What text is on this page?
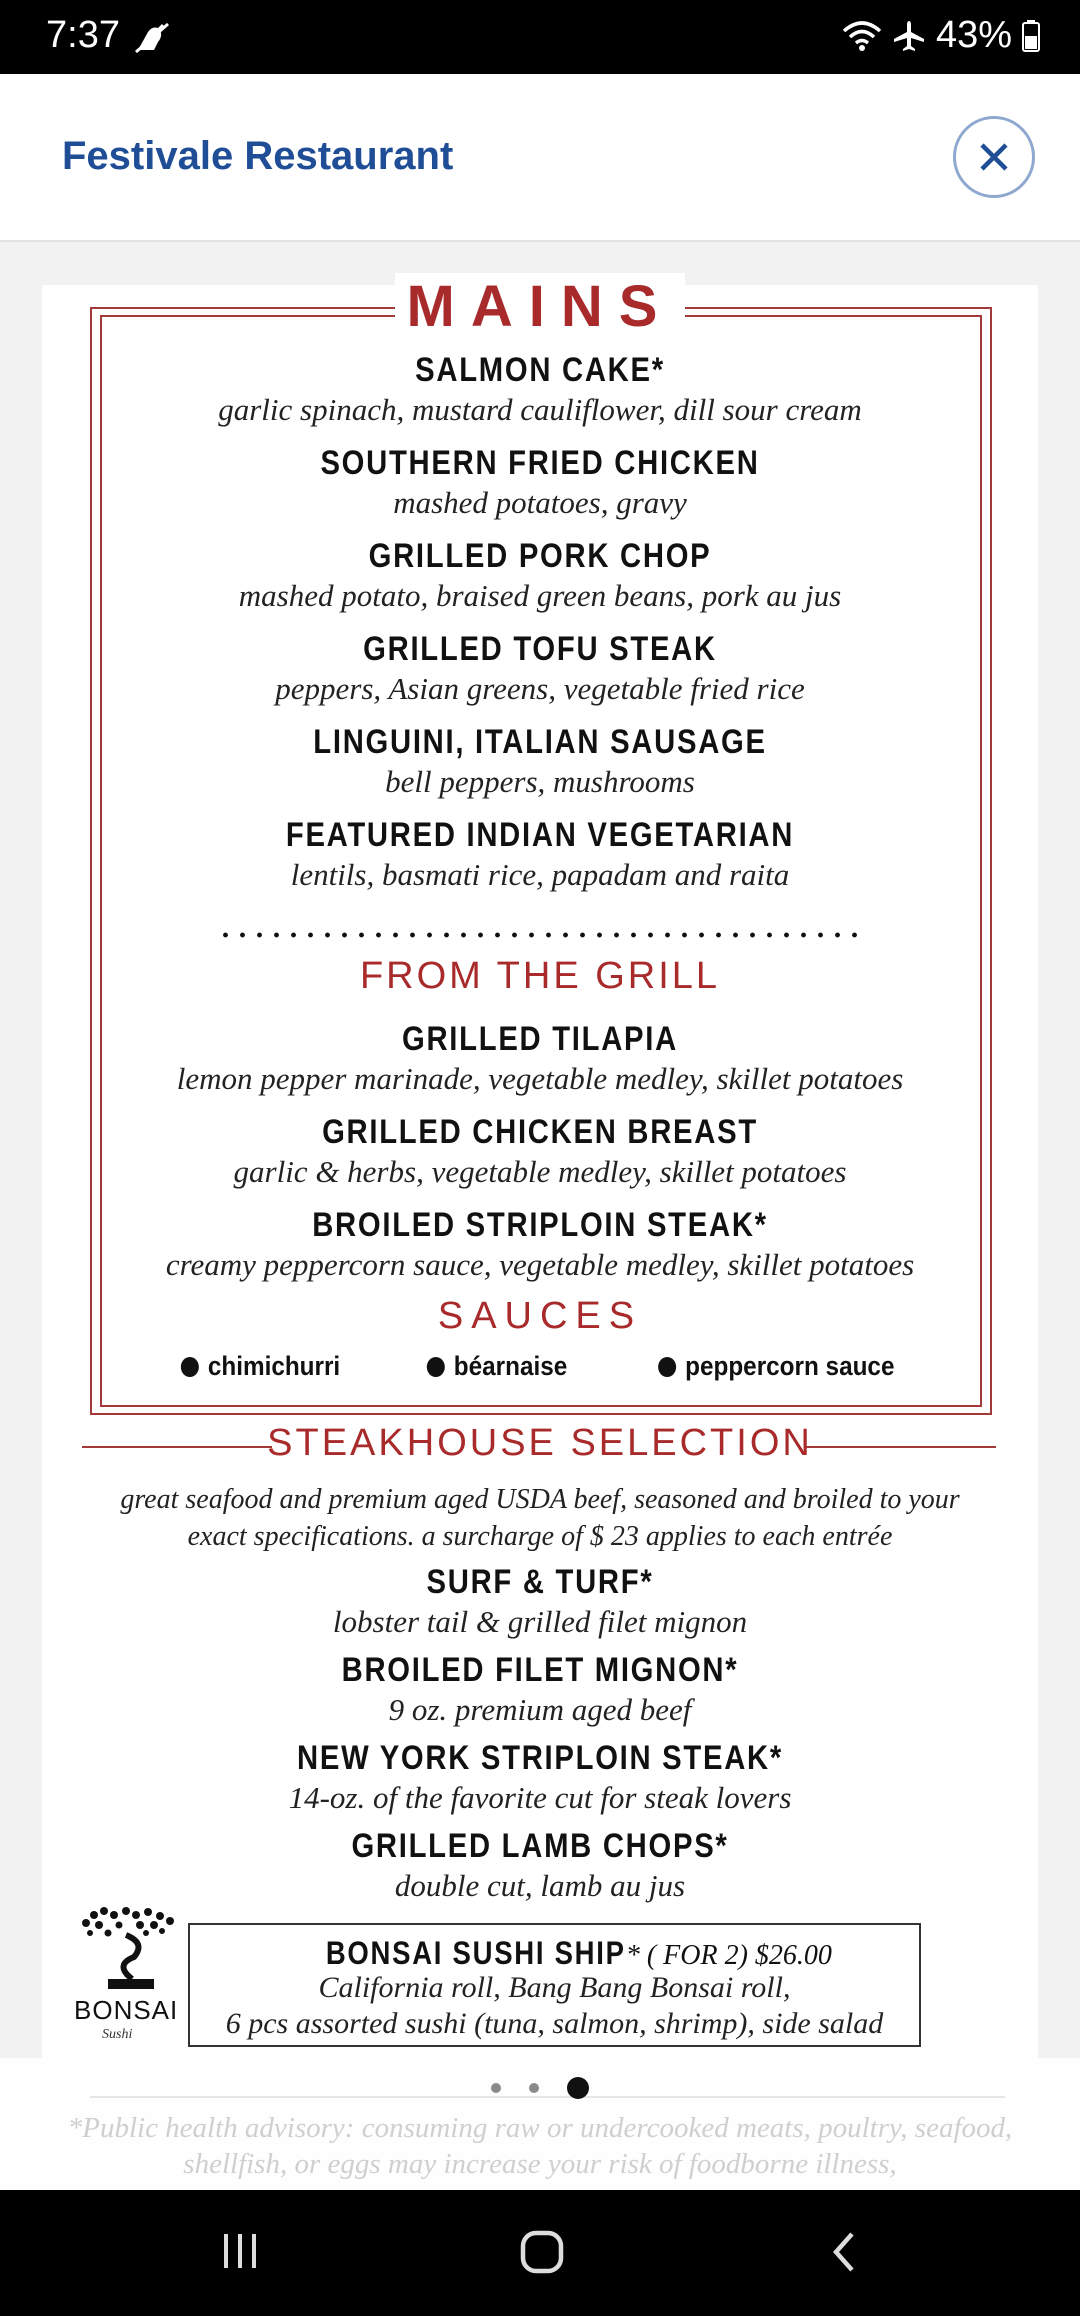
7:37	43%
Festivale Restaurant
MAINS
SALMON CAKE*
garlic spinach, mustard cauliflower, dill sour cream
SOUTHERN FRIED CHICKEN
mashed potatoes, gravy
GRILLED PORK CHOP
mashed potato, braised green beans, pork au jus
GRILLED TOFU STEAK
peppers, Asian greens, vegetable fried rice
LINGUINI, ITALIAN SAUSAGE
bell peppers, mushrooms
FEATURED INDIAN VEGETARIAN
lentils, basmati rice, papadam and raita
FROM THE GRILL
GRILLED TILAPIA
lemon pepper marinade, vegetable medley, skillet potatoes
GRILLED CHICKEN BREAST
garlic & herbs, vegetable medley, skillet potatoes
BROILED STRIPLOIN STEAK*
creamy peppercorn sauce, vegetable medley, skillet potatoes
SAUCES
chimichurri	béarnaise	peppercorn sauce
STEAKHOUSE SELECTION
great seafood and premium aged USDA beef, seasoned and broiled to your
exact specifications. a surcharge of $ 23 applies to each entrée
SURF & TURF*
lobster tail & grilled filet mignon
BROILED FILET MIGNON*
9 oz. premium aged beef
NEW YORK STRIPLOIN STEAK*
14-oz. of the favorite cut for steak lovers
GRILLED LAMB CHOPS*
double cut, lamb au jus
BONSAI
Sushi
BONSAI SUSHI SHIP* ( FOR 2) $26.00
California roll, Bang Bang Bonsai roll,
6 pcs assorted sushi (tuna, salmon, shrimp), side salad
*Public health advisory: consuming raw or undercooked meats, poultry, seafood,
shellfish, or eggs may increase your risk of foodborne illness,
